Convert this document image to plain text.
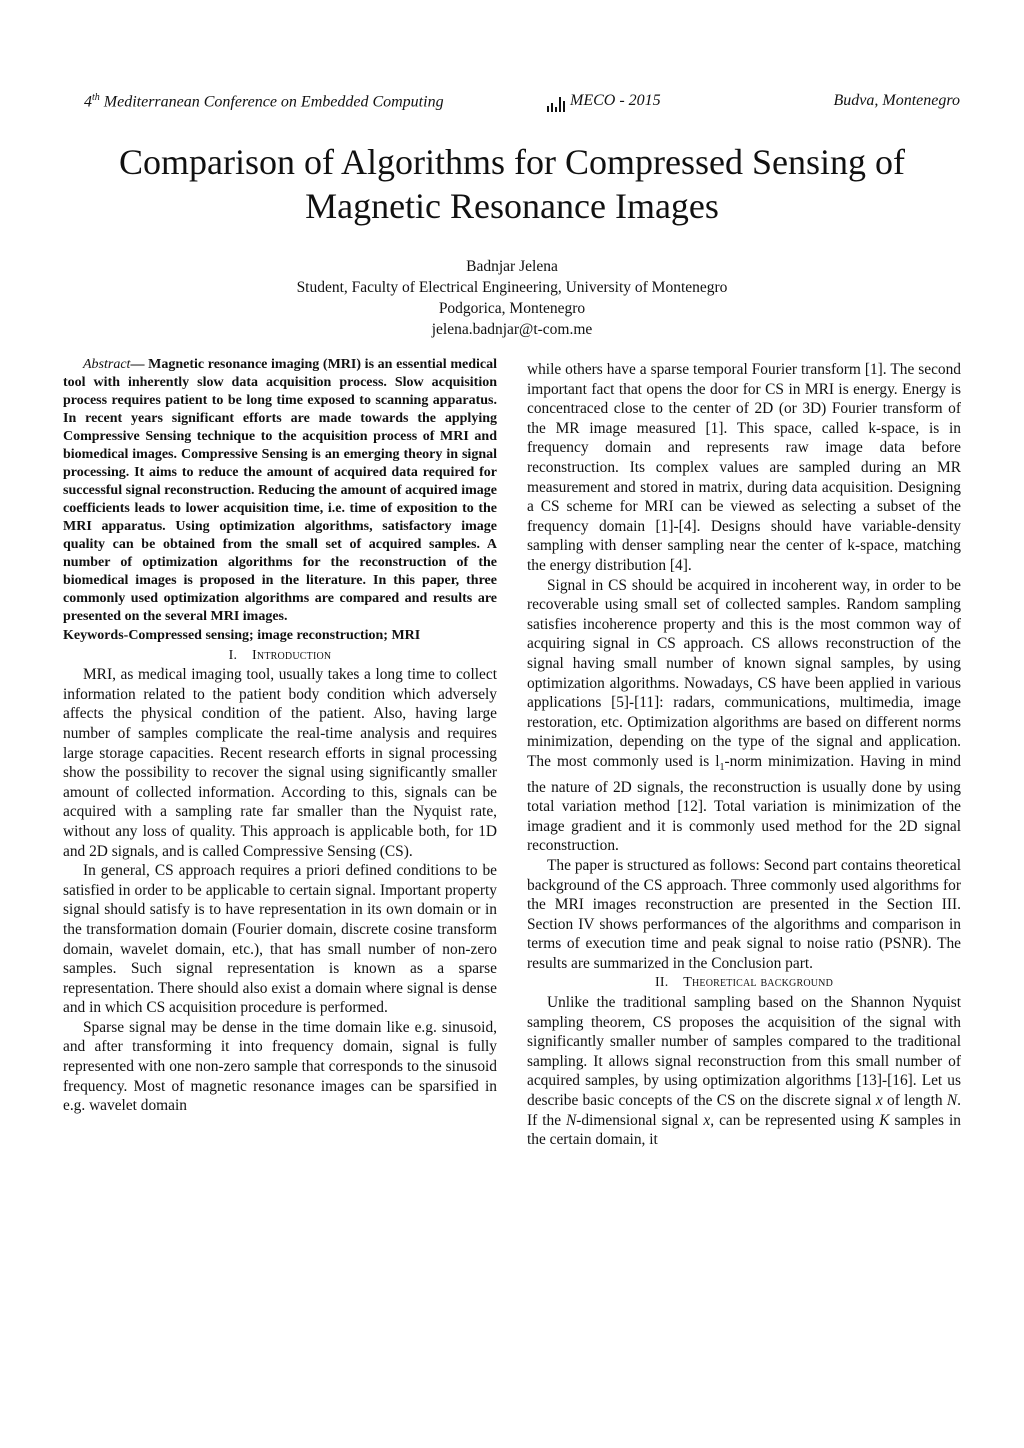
4th Mediterranean Conference on Embedded Computing	MECO - 2015	Budva, Montenegro
Comparison of Algorithms for Compressed Sensing of
Magnetic Resonance Images
Badnjar Jelena
Student, Faculty of Electrical Engineering, University of Montenegro
Podgorica, Montenegro
jelena.badnjar@t-com.me

Abstract— Magnetic resonance imaging (MRI) is an essential medical tool with inherently slow data acquisition process. Slow acquisition process requires patient to be long time exposed to scanning apparatus. In recent years significant efforts are made towards the applying Compressive Sensing technique to the acquisition process of MRI and biomedical images. Compressive Sensing is an emerging theory in signal processing. It aims to reduce the amount of acquired data required for successful signal reconstruction. Reducing the amount of acquired image coefficients leads to lower acquisition time, i.e. time of exposition to the MRI apparatus. Using optimization algorithms, satisfactory image quality can be obtained from the small set of acquired samples. A number of optimization algorithms for the reconstruction of the biomedical images is proposed in the literature. In this paper, three commonly used optimization algorithms are compared and results are presented on the several MRI images.

Keywords-Compressed sensing; image reconstruction; MRI

I. Introduction

MRI, as medical imaging tool, usually takes a long time to collect information related to the patient body condition which adversely affects the physical condition of the patient. Also, having large number of samples complicate the real-time analysis and requires large storage capacities. Recent research efforts in signal processing show the possibility to recover the signal using significantly smaller amount of collected information. According to this, signals can be acquired with a sampling rate far smaller than the Nyquist rate, without any loss of quality. This approach is applicable both, for 1D and 2D signals, and is called Compressive Sensing (CS).

In general, CS approach requires a priori defined conditions to be satisfied in order to be applicable to certain signal. Important property signal should satisfy is to have representation in its own domain or in the transformation domain (Fourier domain, discrete cosine transform domain, wavelet domain, etc.), that has small number of non-zero samples. Such signal representation is known as a sparse representation. There should also exist a domain where signal is dense and in which CS acquisition procedure is performed.

Sparse signal may be dense in the time domain like e.g. sinusoid, and after transforming it into frequency domain, signal is fully represented with one non-zero sample that corresponds to the sinusoid frequency. Most of magnetic resonance images can be sparsified in e.g. wavelet domain

while others have a sparse temporal Fourier transform [1]. The second important fact that opens the door for CS in MRI is energy. Energy is concentraced close to the center of 2D (or 3D) Fourier transform of the MR image measured [1]. This space, called k-space, is in frequency domain and represents raw image data before reconstruction. Its complex values are sampled during an MR measurement and stored in matrix, during data acquisition. Designing a CS scheme for MRI can be viewed as selecting a subset of the frequency domain [1]-[4]. Designs should have variable-density sampling with denser sampling near the center of k-space, matching the energy distribution [4].

Signal in CS should be acquired in incoherent way, in order to be recoverable using small set of collected samples. Random sampling satisfies incoherence property and this is the most common way of acquiring signal in CS approach. CS allows reconstruction of the signal having small number of known signal samples, by using optimization algorithms. Nowadays, CS have been applied in various applications [5]-[11]: radars, communications, multimedia, image restoration, etc. Optimization algorithms are based on different norms minimization, depending on the type of the signal and application. The most commonly used is $l_1$-norm minimization. Having in mind the nature of 2D signals, the reconstruction is usually done by using total variation method [12]. Total variation is minimization of the image gradient and it is commonly used method for the 2D signal reconstruction.

The paper is structured as follows: Second part contains theoretical background of the CS approach. Three commonly used algorithms for the MRI images reconstruction are presented in the Section III. Section IV shows performances of the algorithms and comparison in terms of execution time and peak signal to noise ratio (PSNR). The results are summarized in the Conclusion part.

II. Theoretical background

Unlike the traditional sampling based on the Shannon Nyquist sampling theorem, CS proposes the acquisition of the signal with significantly smaller number of samples compared to the traditional sampling. It allows signal reconstruction from this small number of acquired samples, by using optimization algorithms [13]-[16]. Let us describe basic concepts of the CS on the discrete signal x of length N. If the N-dimensional signal x, can be represented using K samples in the certain domain, it
